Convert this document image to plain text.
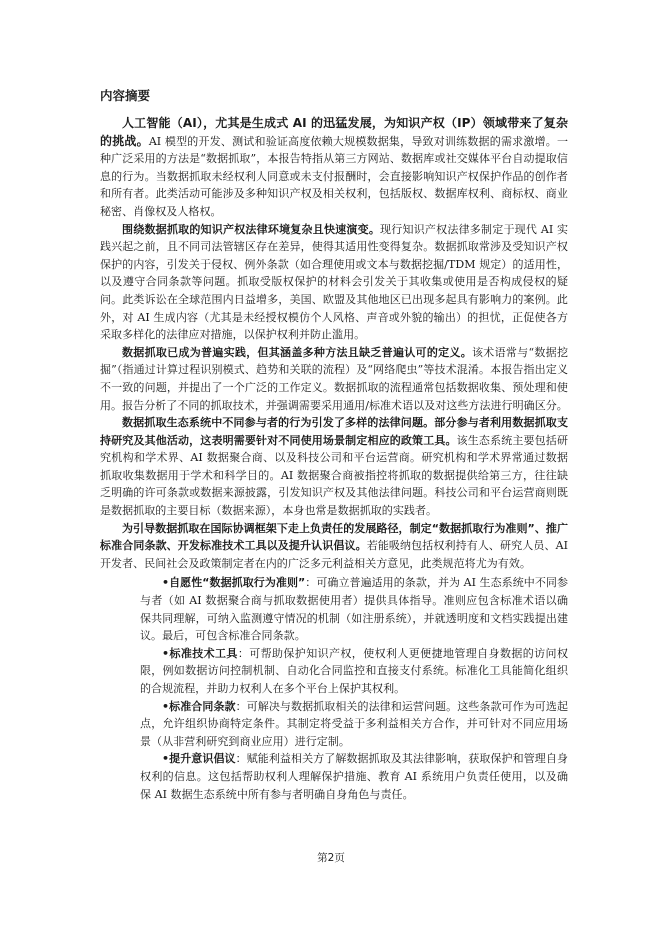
内容摘要

人工智能（AI），尤其是生成式 AI 的迅猛发展，为知识产权（IP）领域带来了复杂的挑战。AI 模型的开发、测试和验证高度依赖大规模数据集，导致对训练数据的需求激增。一种广泛采用的方法是“数据抓取”，本报告特指从第三方网站、数据库或社交媒体平台自动提取信息的行为。当数据抓取未经权利人同意或未支付报酬时，会直接影响知识产权保护作品的创作者和所有者。此类活动可能涉及多种知识产权及相关权利，包括版权、数据库权利、商标权、商业秘密、肖像权及人格权。

围绕数据抓取的知识产权法律环境复杂且快速演变。现行知识产权法律多制定于现代 AI 实践兴起之前，且不同司法管辖区存在差异，使得其适用性变得复杂。数据抓取常涉及受知识产权保护的内容，引发关于侵权、例外条款（如合理使用或文本与数据挖掘/TDM 规定）的适用性，以及遵守合同条款等问题。抓取受版权保护的材料会引发关于其收集或使用是否构成侵权的疑问。此类诉讼在全球范围内日益增多，美国、欧盟及其他地区已出现多起具有影响力的案例。此外，对 AI 生成内容（尤其是未经授权模仿个人风格、声音或外貌的输出）的担忧，正促使各方采取多样化的法律应对措施，以保护权利并防止滥用。

数据抓取已成为普遍实践，但其涵盖多种方法且缺乏普遍认可的定义。该术语常与“数据挖掘”（指通过计算过程识别模式、趋势和关联的流程）及“网络爬虫”等技术混淆。本报告指出定义不一致的问题，并提出了一个广泛的工作定义。数据抓取的流程通常包括数据收集、预处理和使用。报告分析了不同的抓取技术，并强调需要采用通用/标准术语以及对这些方法进行明确区分。

数据抓取生态系统中不同参与者的行为引发了多样的法律问题。部分参与者利用数据抓取支持研究及其他活动，这表明需要针对不同使用场景制定相应的政策工具。该生态系统主要包括研究机构和学术界、AI 数据聚合商、以及科技公司和平台运营商。研究机构和学术界常通过数据抓取收集数据用于学术和科学目的。AI 数据聚合商被指控将抓取的数据提供给第三方，往往缺乏明确的许可条款或数据来源披露，引发知识产权及其他法律问题。科技公司和平台运营商则既是数据抓取的主要目标（数据来源），本身也常是数据抓取的实践者。

为引导数据抓取在国际协调框架下走上负责任的发展路径，制定“数据抓取行为准则”、推广标准合同条款、开发标准技术工具以及提升认识倡议。若能吸纳包括权利持有人、研究人员、AI 开发者、民间社会及政策制定者在内的广泛多元利益相关方意见，此类规范将尤为有效。

•自愿性“数据抓取行为准则”：可确立普遍适用的条款，并为 AI 生态系统中不同参与者（如 AI 数据聚合商与抓取数据使用者）提供具体指导。准则应包含标准术语以确保共同理解，可纳入监测遵守情况的机制（如注册系统），并就透明度和文档实践提出建议。最后，可包含标准合同条款。

•标准技术工具：可帮助保护知识产权，使权利人更便捷地管理自身数据的访问权限，例如数据访问控制机制、自动化合同监控和直接支付系统。标准化工具能简化组织的合规流程，并助力权利人在多个平台上保护其权利。

•标准合同条款：可解决与数据抓取相关的法律和运营问题。这些条款可作为可选起点，允许组织协商特定条件。其制定将受益于多利益相关方合作，并可针对不同应用场景（从非营利研究到商业应用）进行定制。

•提升意识倡议：赋能利益相关方了解数据抓取及其法律影响，获取保护和管理自身权利的信息。这包括帮助权利人理解保护措施、教育 AI 系统用户负责任使用，以及确保 AI 数据生态系统中所有参与者明确自身角色与责任。

第2页
